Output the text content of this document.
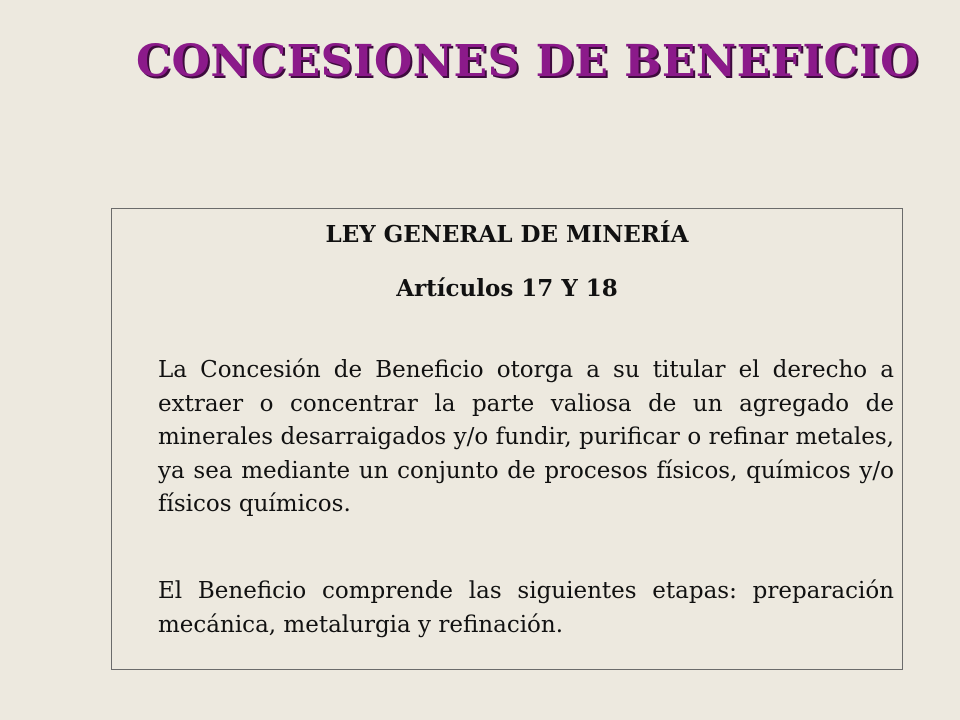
CONCESIONES DE BENEFICIO

LEY GENERAL DE MINERÍA

Artículos 17 Y 18

La Concesión de Beneficio otorga a su titular el derecho a extraer o concentrar la parte valiosa de un agregado de minerales desarraigados y/o fundir, purificar o refinar metales, ya sea mediante un conjunto de procesos físicos, químicos y/o físicos químicos.

El Beneficio comprende las siguientes etapas: preparación mecánica, metalurgia y refinación.
